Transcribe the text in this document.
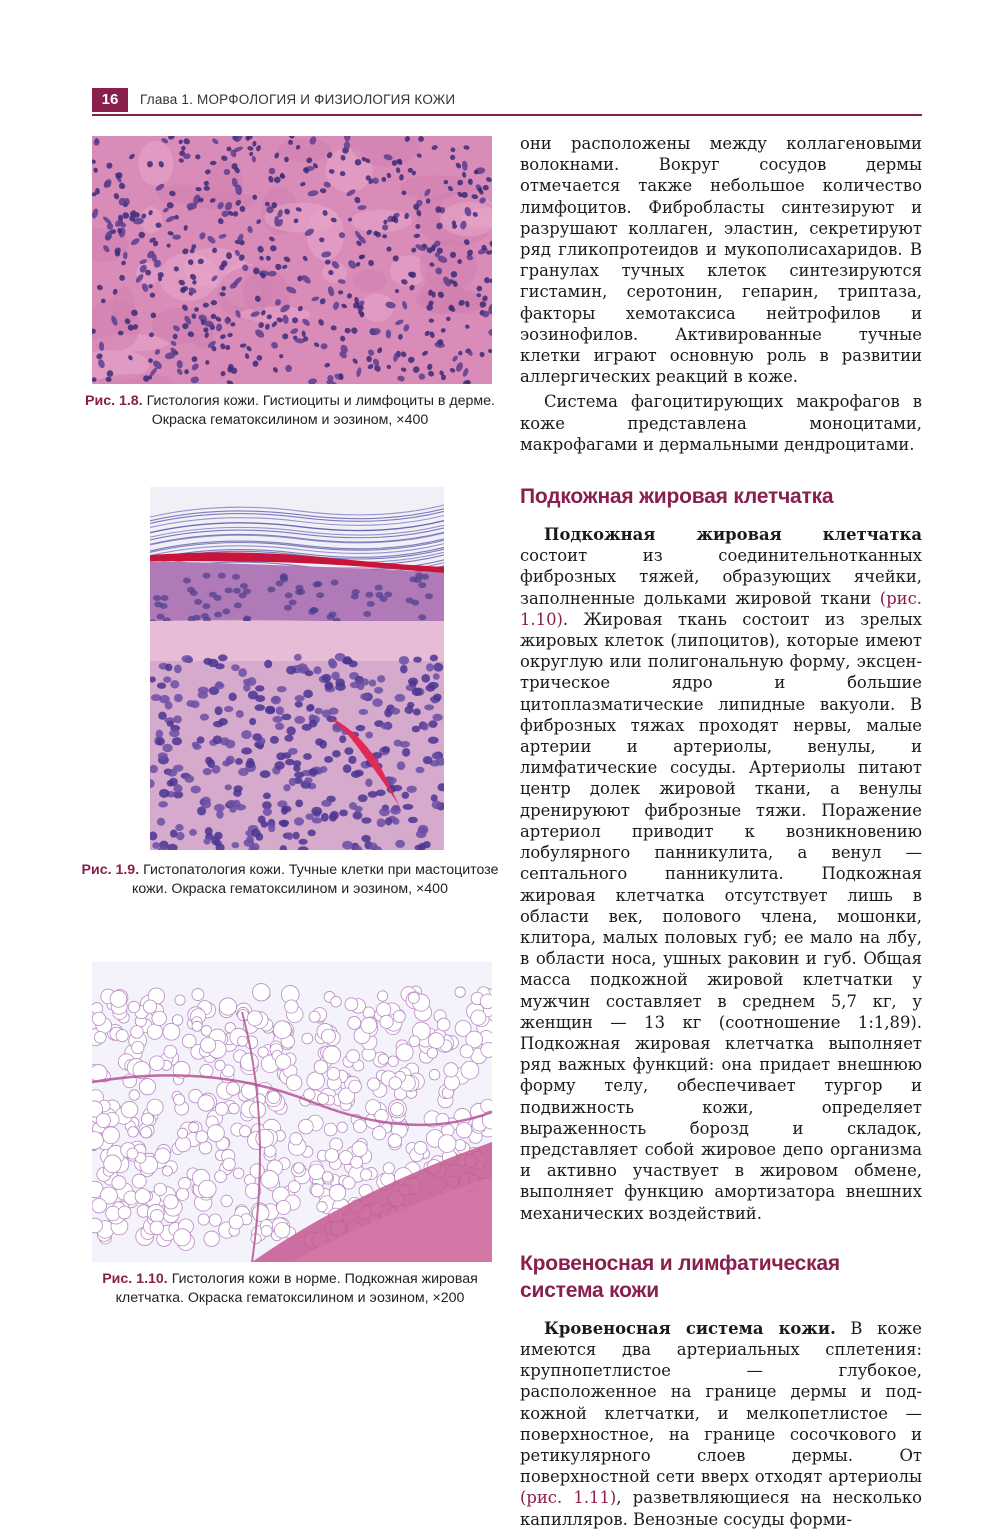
16	Глава 1. МОРФОЛОГИЯ И ФИЗИОЛОГИЯ КОЖИ
Рис. 1.8. Гистология кожи. Гистиоциты и лимфоциты в дерме.
Окраска гематоксилином и эозином, ×400
Рис. 1.9. Гистопатология кожи. Тучные клетки при мастоцитозе
кожи. Окраска гематоксилином и эозином, ×400
Рис. 1.10. Гистология кожи в норме. Подкожная жировая
клетчатка. Окраска гематоксилином и эозином, ×200

они расположены между коллагеновыми волокнами. Вокруг сосудов дермы отмечается также небольшое количество лимфоцитов. Фибробласты синтезируют и разрушают коллаген, эластин, секретируют ряд гликопротеидов и мукополисахаридов. В гранулах тучных клеток синтезируются гистамин, серотонин, гепарин, триптаза, факторы хемотаксиса нейтрофилов и эозинофилов. Активированные тучные клетки играют основную роль в развитии аллергических реакций в коже.

Система фагоцитирующих макрофагов в коже представлена моноцитами, макрофагами и дермальными дендроцитами.

Подкожная жировая клетчатка

Подкожная жировая клетчатка состоит из соединительнотканных фиброзных тяжей, образующих ячейки, заполненные дольками жировой ткани (рис. 1.10). Жировая ткань состоит из зрелых жировых клеток (липоцитов), которые имеют округлую или полигональную форму, эксцентрическое ядро и большие цитоплазматические липидные вакуоли. В фиброзных тяжах проходят нервы, малые артерии и артериолы, венулы, и лимфатические сосуды. Артериолы питают центр долек жировой ткани, а венулы дренируюют фиброзные тяжи. Поражение артериол приводит к возникновению лобулярного панникулита, а венул — септального панникулита. Подкожная жировая клетчатка отсутствует лишь в области век, полового члена, мошонки, клитора, малых половых губ; ее мало на лбу, в области носа, ушных раковин и губ. Общая масса подкожной жировой клетчатки у мужчин составляет в среднем 5,7 кг, у женщин — 13 кг (соотношение 1:1,89). Подкожная жировая клетчатка выполняет ряд важных функций: она придает внешнюю форму телу, обеспечивает тургор и подвижность кожи, определяет выраженность борозд и складок, представляет собой жировое депо организма и активно участвует в жировом обмене, выполняет функцию амортизатора внешних механических воздействий.

Кровеносная и лимфатическая
система кожи

Кровеносная система кожи. В коже имеются два артериальных сплетения: крупнопетлистое — глубокое, расположенное на границе дермы и подкожной клетчатки, и мелкопетлистое — поверхностное, на границе сосочкового и ретикулярного слоев дермы. От поверхностной сети вверх отходят артериолы (рис. 1.11), разветвляющиеся на несколько капилляров. Венозные сосуды форми-
